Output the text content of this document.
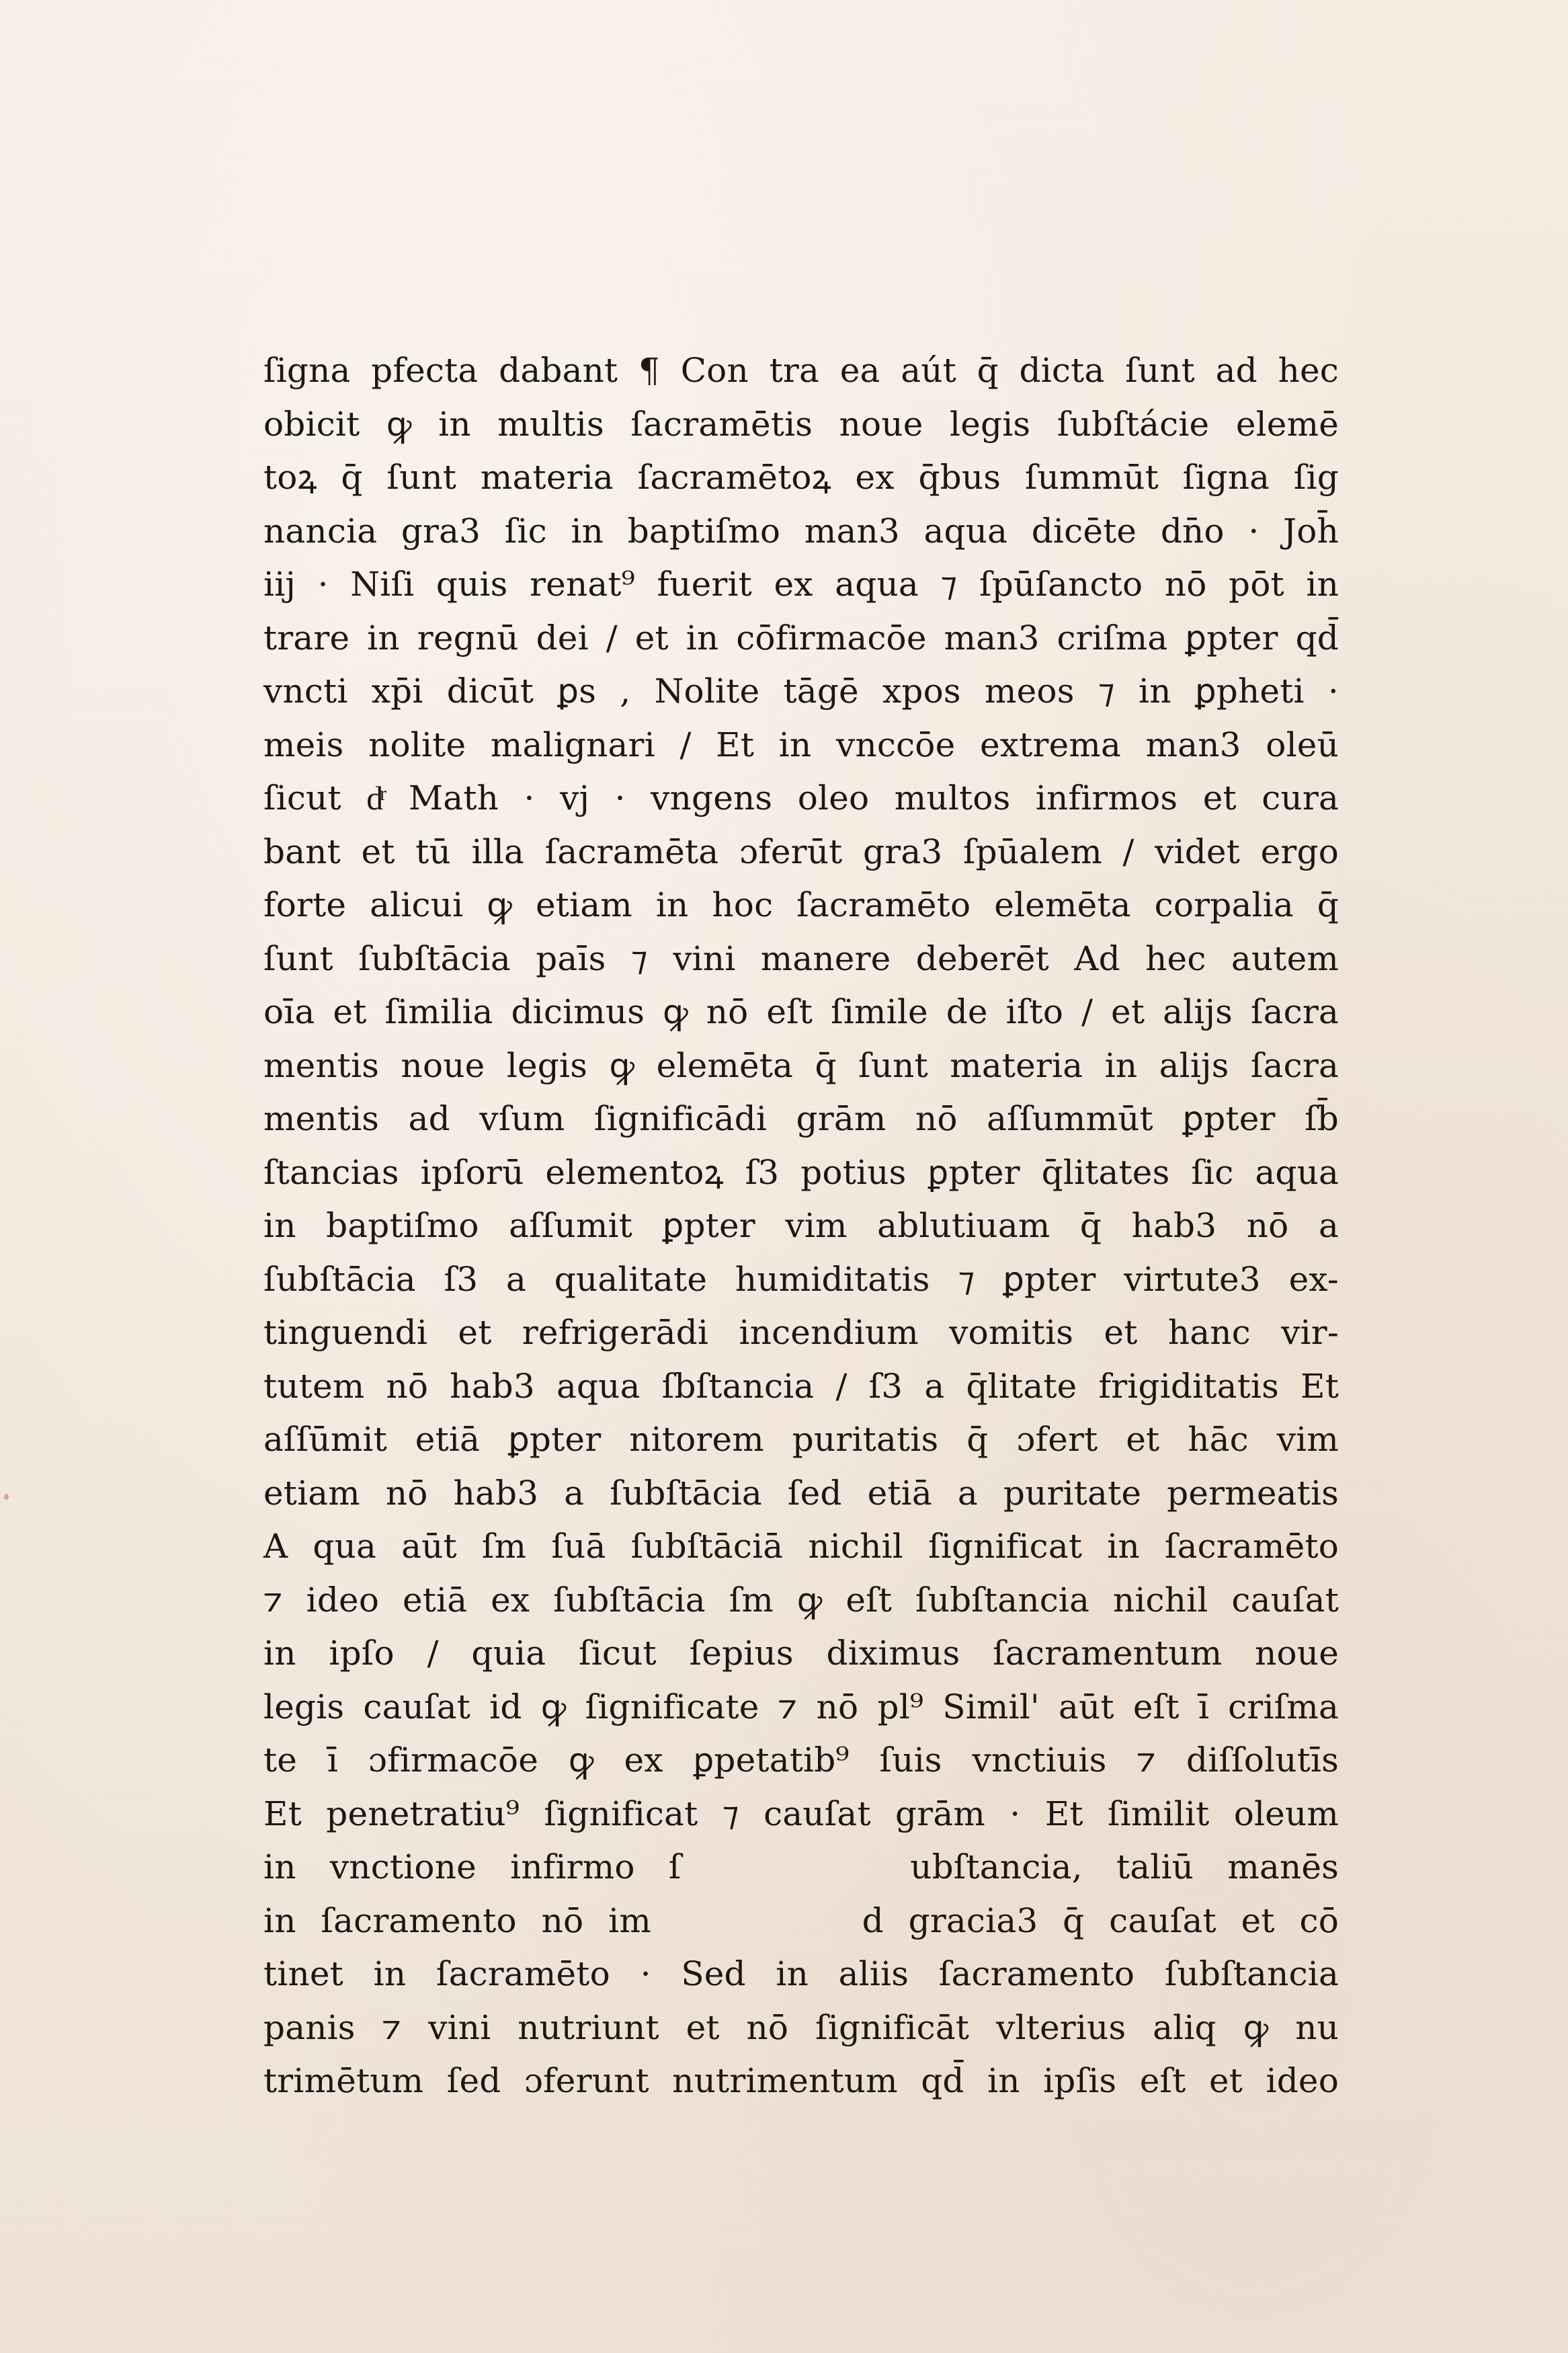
ſigna pfecta dabant ¶ Con tra ea aút q̄ dicta ſunt ad hec
obicit ꝙ in multis ſacramētis noue legis ſubſtácie elemē
toꝝ q̄ ſunt materia ſacramētoꝝ ex q̄bus ſummūt ſigna ſig
nancia gra3 ſic in baptiſmo man3 aqua dicēte dn̄o · Joh̄
iij · Niſi quis renat⁹ fuerit ex aqua ⁊ ſpūſancto nō pōt in
trare in regnū dei / et in cōfirmacōe man3 criſma ꝑpter qd̄
vncti xp̄i dicūt ꝑs , Nolite tāgē xpos meos ⁊ in ꝑpheti ·
meis nolite malignari / Et in vnccōe extrema man3 oleū
ſicut dͬ Math · vj · vngens oleo multos infirmos et cura
bant et tū illa ſacramēta ɔferūt gra3 ſpūalem / videt ergo
forte alicui ꝙ etiam in hoc ſacramēto elemēta corpalia q̄
ſunt ſubſtācia paīs ⁊ vini manere deberēt Ad hec autem
oīa et ſimilia dicimus ꝙ nō eſt ſimile de iſto / et alijs ſacra
mentis noue legis ꝙ elemēta q̄ ſunt materia in alijs ſacra
mentis ad vſum ſignificādi grām nō aſſummūt ꝑpter ſb̄
ſtancias ipſorū elementoꝝ ſ3 potius ꝑpter q̄litates ſic aqua
in baptiſmo aſſumit ꝑpter vim ablutiuam q̄ hab3 nō a
ſubſtācia ſ3 a qualitate humiditatis ⁊ ꝑpter virtute3 ex-
tinguendi et refrigerādi incendium vomitis et hanc vir-
tutem nō hab3 aqua ſbſtancia / ſ3 a q̄litate frigiditatis Et
aſſūmit etiā ꝑpter nitorem puritatis q̄ ɔfert et hāc vim
etiam nō hab3 a ſubſtācia ſed etiā a puritate permeatis
A qua aūt ſm ſuā ſubſtāciā nichil ſignificat in ſacramēto
⁊ ideo etiā ex ſubſtācia ſm ꝙ eſt ſubſtancia nichil cauſat
in ipſo / quia ſicut ſepius diximus ſacramentum noue
legis cauſat id ꝙ ſignificate ⁊ nō pl⁹ Simil' aūt eſt ī criſma
te ī ɔfirmacōe ꝙ ex ꝑpetatib⁹ ſuis vnctiuis ⁊ diſſolutīs
Et penetratiu⁹ ſignificat ⁊ cauſat grām · Et ſimilit oleum
in vnctione infirmo ſ	ubſtancia, taliū manēs
in ſacramento nō im	d gracia3 q̄ cauſat et cō
tinet in ſacramēto · Sed in aliis ſacramento ſubſtancia
panis ⁊ vini nutriunt et nō ſignificāt vlterius aliq ꝙ nu
trimētum ſed ɔferunt nutrimentum qd̄ in ipſis eſt et ideo
